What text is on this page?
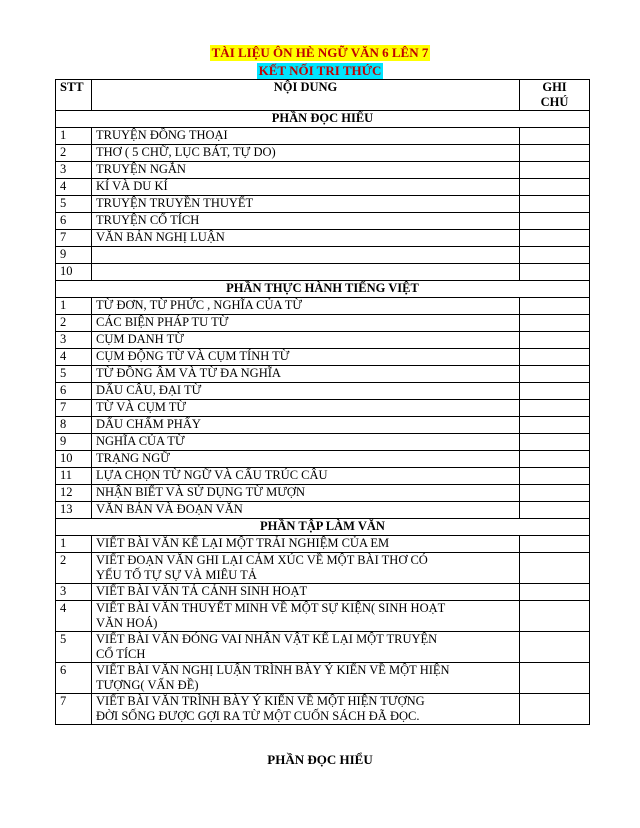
TÀI LIỆU ÔN HÈ NGỮ VĂN 6 LÊN 7
KẾT NỐI TRI THỨC
STT	NỘI DUNG	GHI
CHÚ

PHẦN ĐỌC HIỂU		
1	TRUYỆN ĐỒNG THOẠI	

2	THƠ ( 5 CHỮ, LỤC BÁT, TỰ DO)	

3	TRUYỆN NGẮN	

4	KÍ VÀ DU KÍ	

5	TRUYỆN TRUYỀN THUYẾT	

6	TRUYỆN CỔ TÍCH	

7	VĂN BẢN NGHỊ LUẬN	

9	

10	

PHẦN THỰC HÀNH TIẾNG VIỆT		
1	TỪ ĐƠN, TỪ PHỨC , NGHĨA CỦA TỪ	

2	CÁC BIỆN PHÁP TU TỪ	

3	CỤM DANH TỪ	

4	CỤM ĐỘNG TỪ VÀ CỤM TÍNH TỪ	

5	TỪ ĐỒNG ÂM VÀ TỪ ĐA NGHĨA	

6	DẤU CÂU, ĐẠI TỪ	

7	TỪ VÀ CỤM TỪ	

8	DẤU CHẤM PHẨY	

9	NGHĨA CỦA TỪ	

10	TRẠNG NGỮ	

11	LỰA CHỌN TỪ NGỮ VÀ CẤU TRÚC CÂU	

12	NHẬN BIẾT VÀ SỬ DỤNG TỪ MƯỢN	

13	VĂN BẢN VÀ ĐOẠN VĂN	

PHẦN TẬP LÀM VĂN		
1	VIẾT BÀI VĂN KỂ LẠI MỘT TRẢI NGHIỆM CỦA EM	

2	VIẾT ĐOẠN VĂN GHI LẠI CẢM XÚC VỀ MỘT BÀI THƠ CÓ
YẾU TỐ TỰ SỰ VÀ MIÊU TẢ	

3	VIẾT BÀI VĂN TẢ CẢNH SINH HOẠT	

4	VIẾT BÀI VĂN THUYẾT MINH VỀ MỘT SỰ KIỆN( SINH HOẠT
VĂN HOÁ)	

5	VIẾT BÀI VĂN ĐÓNG VAI NHÂN VẬT KỂ LẠI MỘT TRUYỆN
CỔ TÍCH	

6	VIẾT BÀI VĂN NGHỊ LUẬN TRÌNH BÀY Ý KIẾN VỀ MỘT HIỆN
TƯỢNG( VẤN ĐỀ)	

7	VIẾT BÀI VĂN TRÌNH BÀY Ý KIẾN VỀ MỘT HIỆN TƯỢNG
ĐỜI SỐNG ĐƯỢC GỢI RA TỪ MỘT CUỐN SÁCH ĐÃ ĐỌC.	

PHẦN ĐỌC HIỂU
